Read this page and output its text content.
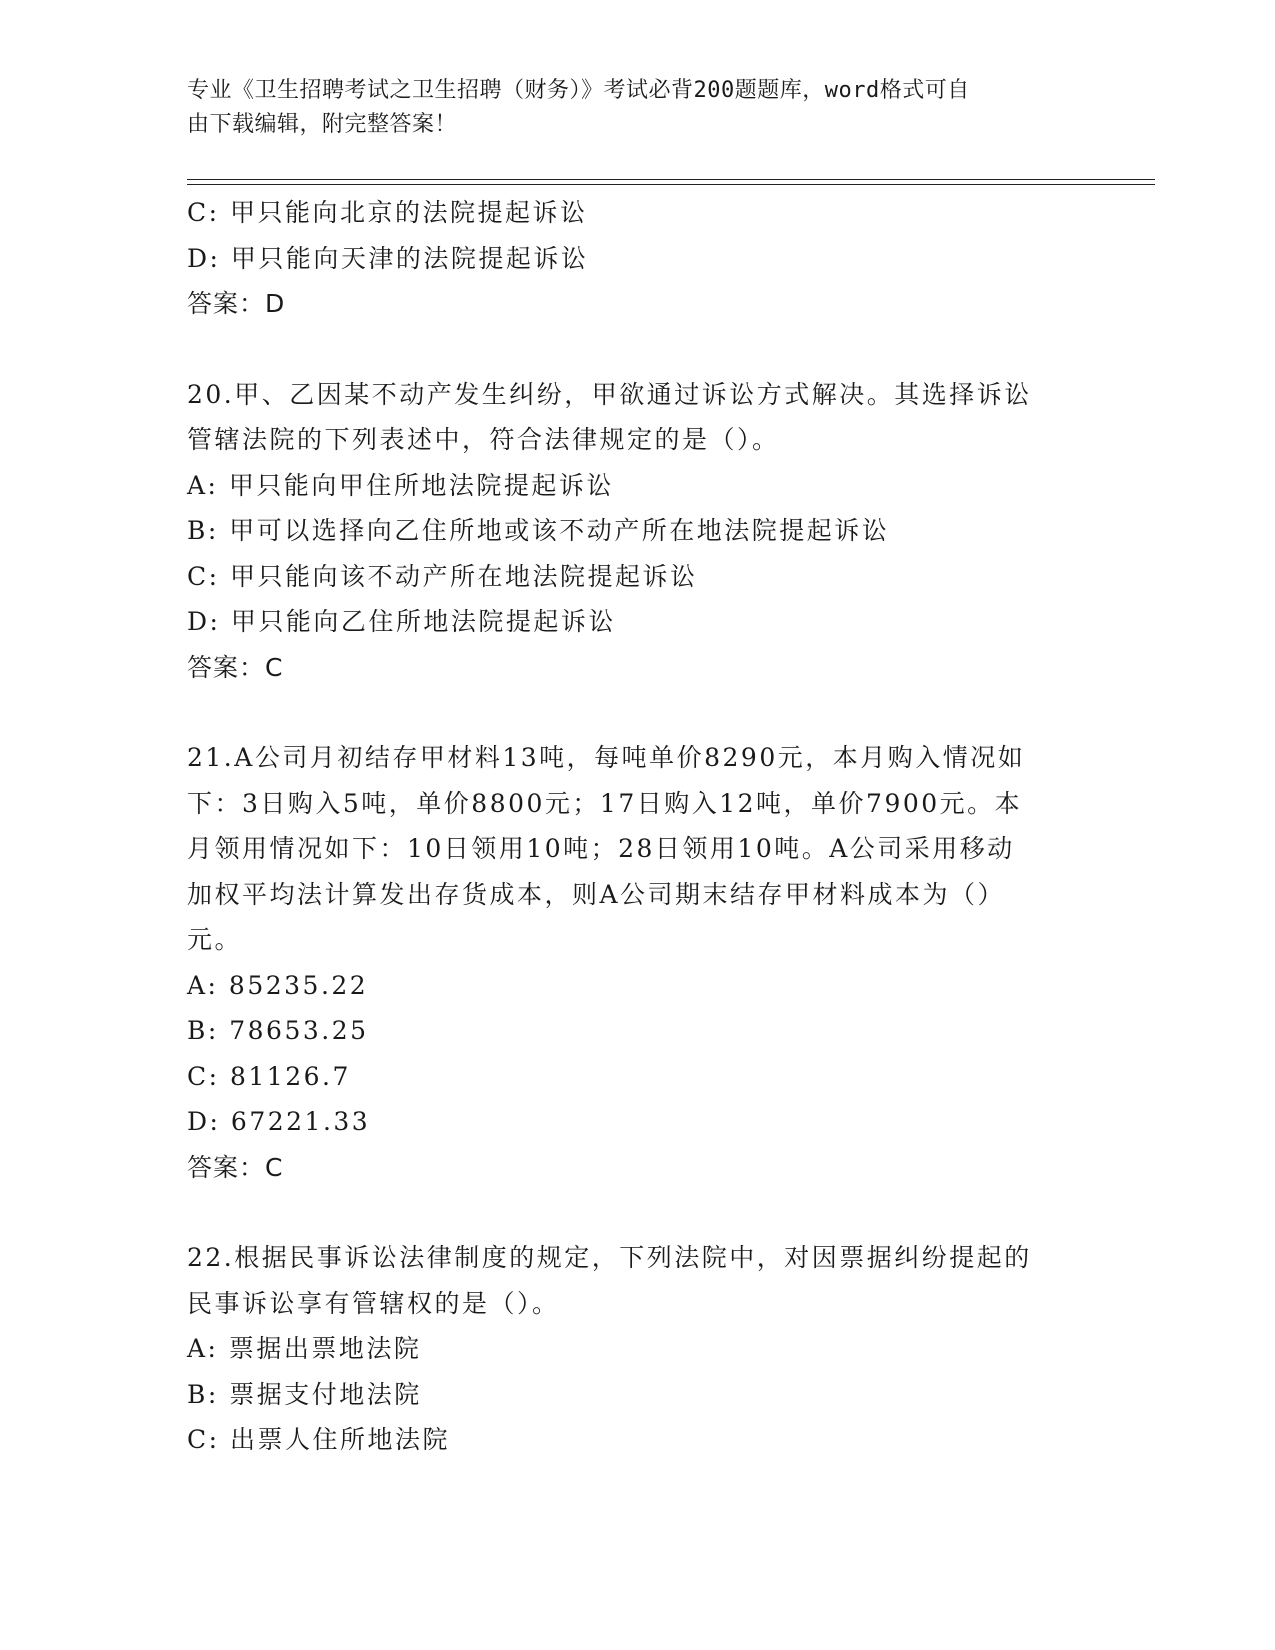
专业《卫生招聘考试之卫生招聘（财务）》考试必背200题题库，word格式可自
由下载编辑，附完整答案！
C: 甲只能向北京的法院提起诉讼
D: 甲只能向天津的法院提起诉讼
答案：D
20.甲、乙因某不动产发生纠纷，甲欲通过诉讼方式解决。其选择诉讼
管辖法院的下列表述中，符合法律规定的是（）。
A: 甲只能向甲住所地法院提起诉讼
B: 甲可以选择向乙住所地或该不动产所在地法院提起诉讼
C: 甲只能向该不动产所在地法院提起诉讼
D: 甲只能向乙住所地法院提起诉讼
答案：C
21.A公司月初结存甲材料13吨，每吨单价8290元，本月购入情况如
下：3日购入5吨，单价8800元；17日购入12吨，单价7900元。本
月领用情况如下：10日领用10吨；28日领用10吨。A公司采用移动
加权平均法计算发出存货成本，则A公司期末结存甲材料成本为（）
元。
A: 85235.22
B: 78653.25
C: 81126.7
D: 67221.33
答案：C
22.根据民事诉讼法律制度的规定，下列法院中，对因票据纠纷提起的
民事诉讼享有管辖权的是（）。
A: 票据出票地法院
B: 票据支付地法院
C: 出票人住所地法院
